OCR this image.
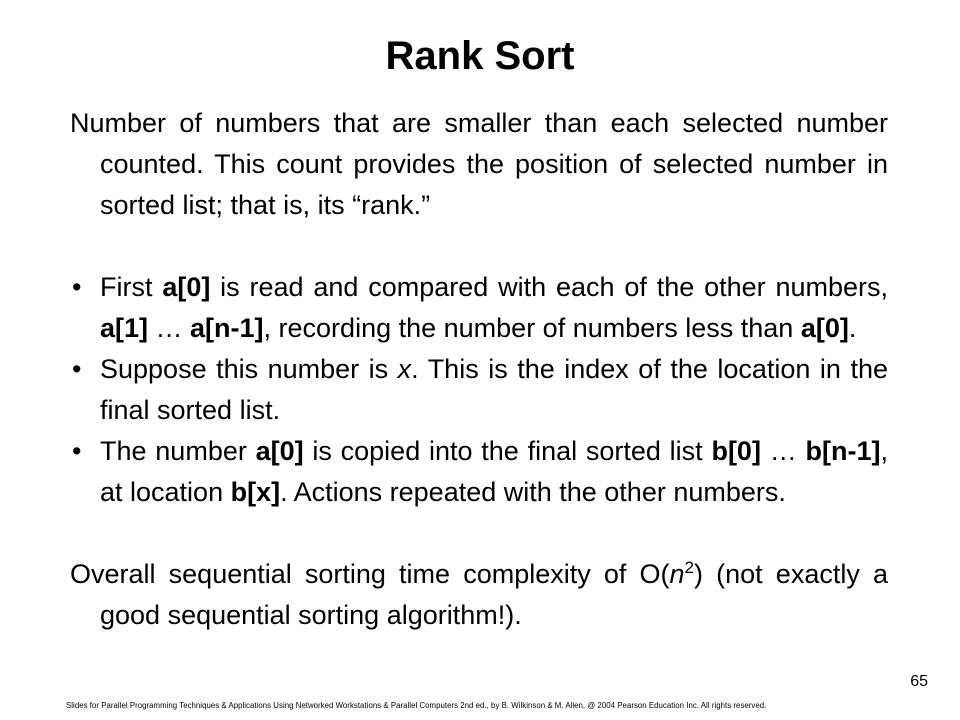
Rank Sort

Number of numbers that are smaller than each selected number counted. This count provides the position of selected number in sorted list; that is, its “rank.”

• First a[0] is read and compared with each of the other numbers, a[1] … a[n-1], recording the number of numbers less than a[0].

• Suppose this number is x. This is the index of the location in the final sorted list.

• The number a[0] is copied into the final sorted list b[0] … b[n-1], at location b[x]. Actions repeated with the other numbers.

Overall sequential sorting time complexity of $O(n^2)$ (not exactly a good sequential sorting algorithm!).

65
Slides for Parallel Programming Techniques & Applications Using Networked Workstations & Parallel Computers 2nd ed., by B. Wilkinson & M. Allen, @ 2004 Pearson Education Inc. All rights reserved.
